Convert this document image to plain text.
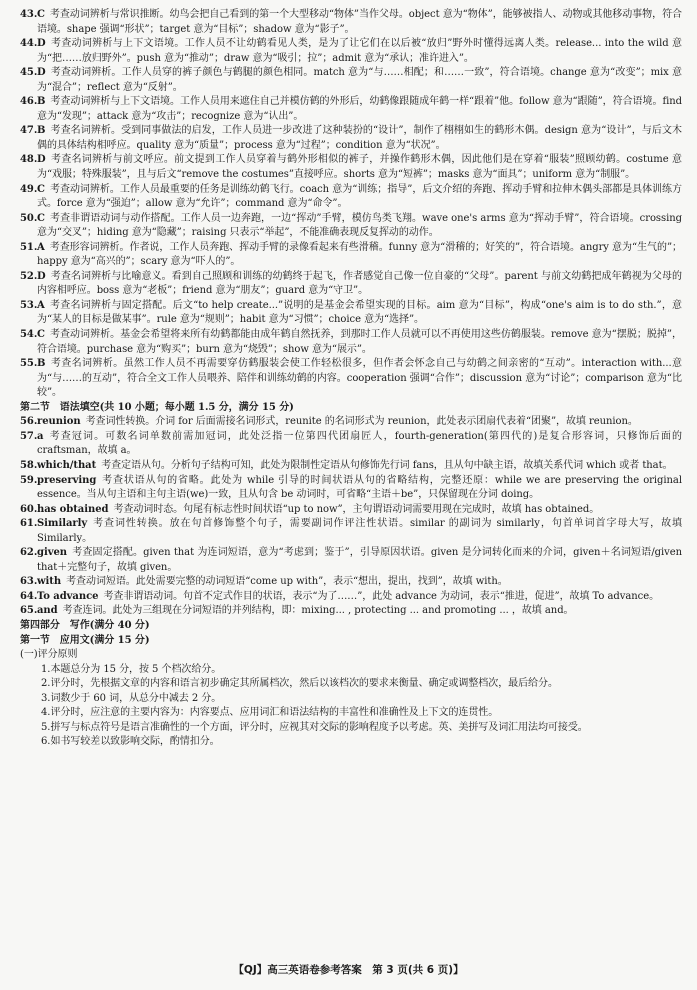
43. C 考查动词辨析与常识推断。幼鸟会把自己看到的第一个大型移动“物体”当作父母。object 意为“物体”，能够被指人、动物或其他移动事物，符合语境。shape 强调“形状”；target 意为“目标”；shadow 意为“影子”。
44. D 考查动词辨析与上下文语境。工作人员不让幼鹤看见人类，是为了让它们在以后被“放归”野外时懂得远离人类。release... into the wild 意为“把……放归野外”。push 意为“推动”；draw 意为“吸引；拉”；admit 意为“承认；准许进入”。
45. D 考查动词辨析。工作人员穿的裤子颜色与鹤腿的颜色相同。match 意为“与……相配；和……一致”，符合语境。change 意为“改变”；mix 意为“混合”；reflect 意为“反射”。
46. B 考查动词辨析与上下文语境。工作人员用来遮住自己并模仿鹤的外形后，幼鹤像跟随成年鹤一样“跟着”他。follow 意为“跟随”，符合语境。find 意为“发现”；attack 意为“攻击”；recognize 意为“认出”。
47. B 考查名词辨析。受到同事做法的启发，工作人员进一步改进了这种装扮的“设计”，制作了栩栩如生的鹤形木偶。design 意为“设计”，与后文木偶的具体结构相呼应。quality 意为“质量”；process 意为“过程”；condition 意为“状况”。
48. D 考查名词辨析与前文呼应。前文提到工作人员穿着与鹤外形相似的裤子，并操作鹤形木偶，因此他们是在穿着“服装”照顾幼鹤。costume 意为“戏服；特殊服装”，且与后文“remove the costumes”直接呼应。shorts 意为“短裤”；masks 意为“面具”；uniform 意为“制服”。
49. C 考查动词辨析。工作人员最重要的任务是训练幼鹤飞行。coach 意为“训练；指导”，后文介绍的奔跑、挥动手臂和拉伸木偶头部都是具体训练方式。force 意为“强迫”；allow 意为“允许”；command 意为“命令”。
50. C 考查非谓语动词与动作搭配。工作人员一边奔跑，一边“挥动”手臂，模仿鸟类飞翔。wave one's arms 意为“挥动手臂”，符合语境。crossing 意为“交叉”；hiding 意为“隐藏”；raising 只表示“举起”，不能准确表现反复挥动的动作。
51. A 考查形容词辨析。作者说，工作人员奔跑、挥动手臂的录像看起来有些滑稽。funny 意为“滑稽的；好笑的”，符合语境。angry 意为“生气的”；happy 意为“高兴的”；scary 意为“吓人的”。
52. D 考查名词辨析与比喻意义。看到自己照顾和训练的幼鹤终于起飞，作者感觉自己像一位自豪的“父母”。parent 与前文幼鹤把成年鹤视为父母的内容相呼应。boss 意为“老板”；friend 意为“朋友”；guard 意为“守卫”。
53. A 考查名词辨析与固定搭配。后文“to help create...”说明的是基金会希望实现的目标。aim 意为“目标”，构成“one's aim is to do sth.”，意为“某人的目标是做某事”。rule 意为“规则”；habit 意为“习惯”；choice 意为“选择”。
54. C 考查动词辨析。基金会希望将来所有幼鹤都能由成年鹤自然抚养，到那时工作人员就可以不再使用这些仿鹤服装。remove 意为“摆脱；脱掉”，符合语境。purchase 意为“购买”；burn 意为“烧毁”；show 意为“展示”。
55. B 考查名词辨析。虽然工作人员不再需要穿仿鹤服装会使工作轻松很多，但作者会怀念自己与幼鹤之间亲密的“互动”。interaction with...意为“与……的互动”，符合全文工作人员喂养、陪伴和训练幼鹤的内容。cooperation 强调“合作”；discussion 意为“讨论”；comparison 意为“比较”。
第二节　语法填空(共 10 小题；每小题 1.5 分，满分 15 分)
56. reunion 考查词性转换。介词 for 后面需接名词形式，reunite 的名词形式为 reunion，此处表示团扇代表着“团聚”，故填 reunion。
57. a 考查冠词。可数名词单数前需加冠词，此处泛指一位第四代团扇匠人，fourth-generation(第四代的)是复合形容词，只修饰后面的 craftsman，故填 a。
58. which/that 考查定语从句。分析句子结构可知，此处为限制性定语从句修饰先行词 fans，且从句中缺主语，故填关系代词 which 或者 that。
59. preserving 考查状语从句的省略。此处为 while 引导的时间状语从句的省略结构，完整还原：while we are preserving the original essence。当从句主语和主句主语(we)一致，且从句含 be 动词时，可省略“主语＋be”，只保留现在分词 doing。
60. has obtained 考查动词时态。句尾有标志性时间状语“up to now”，主句谓语动词需要用现在完成时，故填 has obtained。
61. Similarly 考查词性转换。放在句首修饰整个句子，需要副词作评注性状语。similar 的副词为 similarly，句首单词首字母大写，故填 Similarly。
62. given 考查固定搭配。given that 为连词短语，意为“考虑到；鉴于”，引导原因状语。given 是分词转化而来的介词，given＋名词短语/given that＋完整句子，故填 given。
63. with 考查动词短语。此处需要完整的动词短语“come up with”，表示“想出，提出，找到”，故填 with。
64. To advance 考查非谓语动词。句首不定式作目的状语，表示“为了……”，此处 advance 为动词，表示“推进，促进”，故填 To advance。
65. and 考查连词。此处为三组现在分词短语的并列结构，即：mixing... , protecting ... and promoting ... ，故填 and。
第四部分　写作(满分 40 分)
第一节　应用文(满分 15 分)
(一)评分原则
1.本题总分为 15 分，按 5 个档次给分。
2.评分时，先根据文章的内容和语言初步确定其所属档次，然后以该档次的要求来衡量、确定或调整档次，最后给分。
3.词数少于 60 词，从总分中减去 2 分。
4.评分时，应注意的主要内容为：内容要点、应用词汇和语法结构的丰富性和准确性及上下文的连贯性。
5.拼写与标点符号是语言准确性的一个方面，评分时，应视其对交际的影响程度予以考虑。英、美拼写及词汇用法均可接受。
6.如书写较差以致影响交际，酌情扣分。
【QJ】高三英语卷参考答案　第 3 页(共 6 页)】
